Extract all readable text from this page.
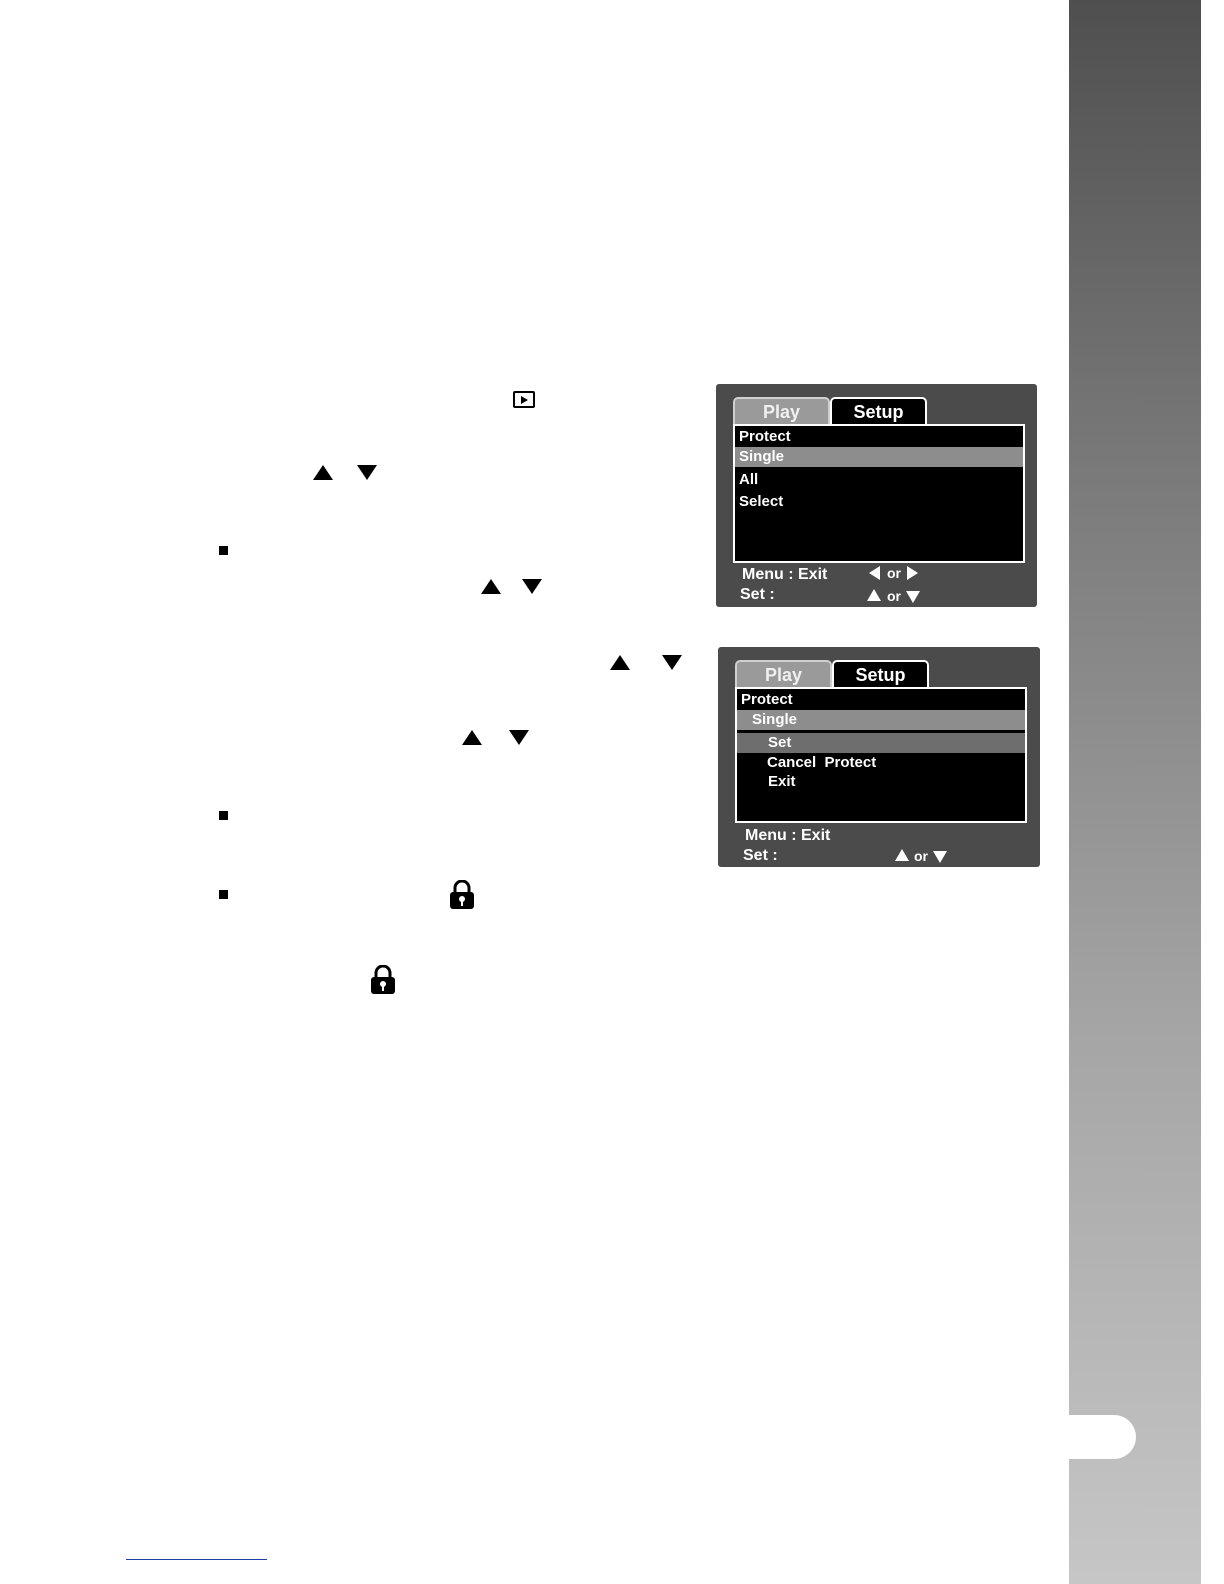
Play	Setup
Protect
Single
All
Select
Menu : Exit
Set :
or
or
Play	Setup
Protect
Single
Set
Cancel  Protect
Exit
Menu : Exit
Set :	or
